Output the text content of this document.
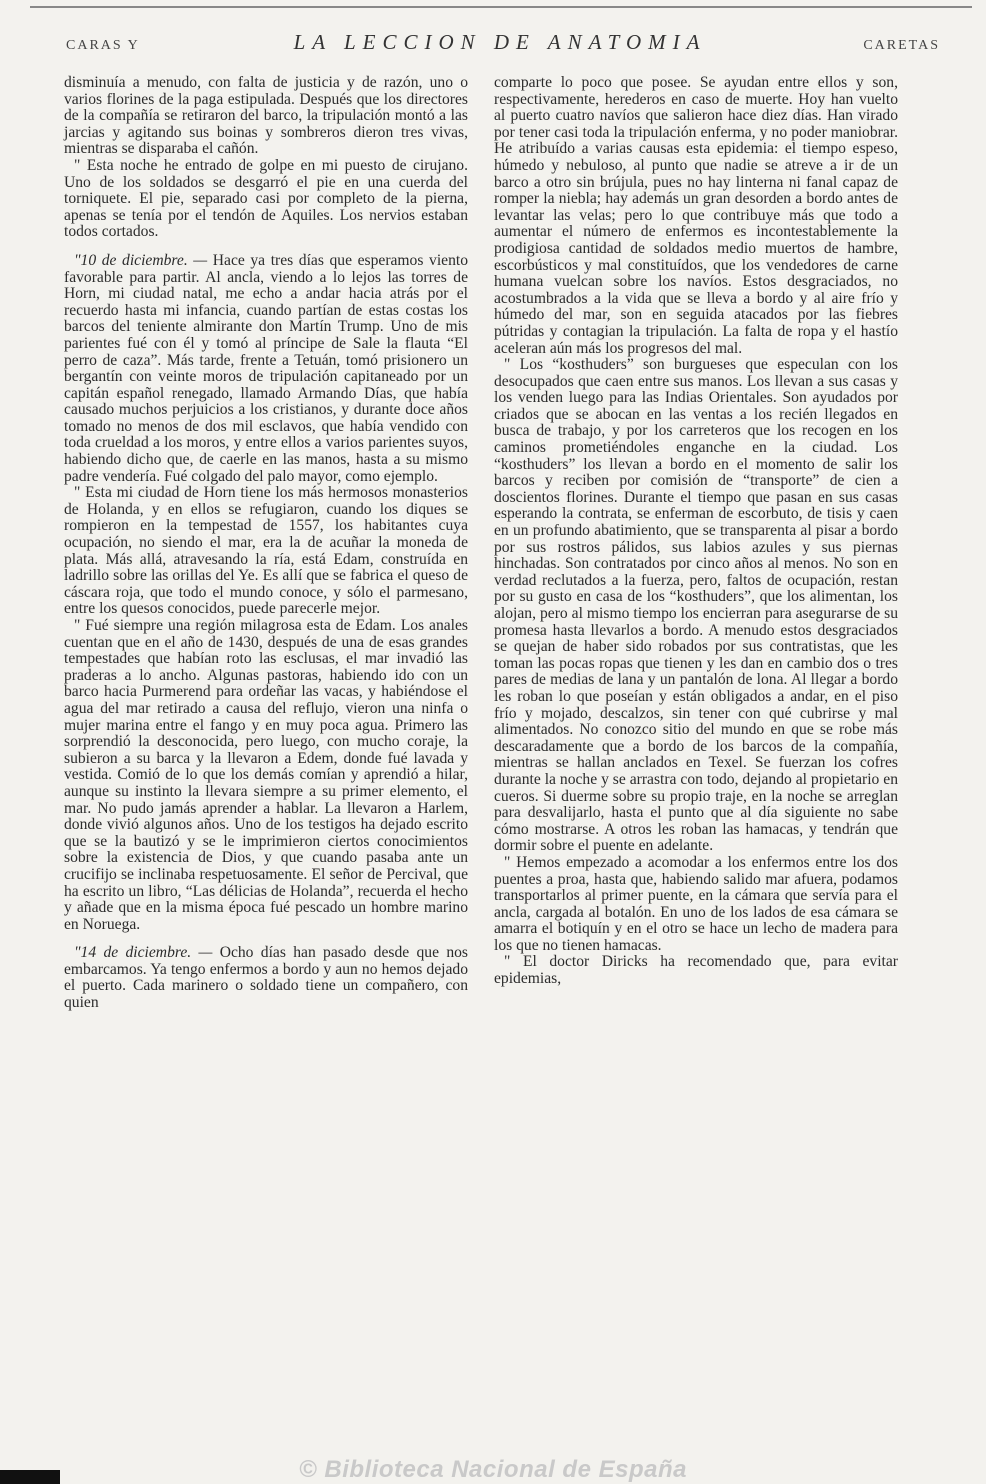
CARAS Y	LA LECCION DE ANATOMIA	CARETAS

disminuía a menudo, con falta de justicia y de razón, uno o varios florines de la paga estipulada. Después que los directores de la compañía se retiraron del barco, la tripulación montó a las jarcias y agitando sus boinas y sombreros dieron tres vivas, mientras se disparaba el cañón.

" Esta noche he entrado de golpe en mi puesto de cirujano. Uno de los soldados se desgarró el pie en una cuerda del torniquete. El pie, separado casi por completo de la pierna, apenas se tenía por el tendón de Aquiles. Los nervios estaban todos cortados.

"10 de diciembre. — Hace ya tres días que esperamos viento favorable para partir. Al ancla, viendo a lo lejos las torres de Horn, mi ciudad natal, me echo a andar hacia atrás por el recuerdo hasta mi infancia, cuando partían de estas costas los barcos del teniente almirante don Martín Trump. Uno de mis parientes fué con él y tomó al príncipe de Sale la flauta “El perro de caza”. Más tarde, frente a Tetuán, tomó prisionero un bergantín con veinte moros de tripulación capitaneado por un capitán español renegado, llamado Armando Días, que había causado muchos perjuicios a los cristianos, y durante doce años tomado no menos de dos mil esclavos, que había vendido con toda crueldad a los moros, y entre ellos a varios parientes suyos, habiendo dicho que, de caerle en las manos, hasta a su mismo padre vendería. Fué colgado del palo mayor, como ejemplo.

" Esta mi ciudad de Horn tiene los más hermosos monasterios de Holanda, y en ellos se refugiaron, cuando los diques se rompieron en la tempestad de 1557, los habitantes cuya ocupación, no siendo el mar, era la de acuñar la moneda de plata. Más allá, atravesando la ría, está Edam, construída en ladrillo sobre las orillas del Ye. Es allí que se fabrica el queso de cáscara roja, que todo el mundo conoce, y sólo el parmesano, entre los quesos conocidos, puede parecerle mejor.

" Fué siempre una región milagrosa esta de Edam. Los anales cuentan que en el año de 1430, después de una de esas grandes tempestades que habían roto las esclusas, el mar invadió las praderas a lo ancho. Algunas pastoras, habiendo ido con un barco hacia Purmerend para ordeñar las vacas, y habiéndose el agua del mar retirado a causa del reflujo, vieron una ninfa o mujer marina entre el fango y en muy poca agua. Primero las sorprendió la desconocida, pero luego, con mucho coraje, la subieron a su barca y la llevaron a Edem, donde fué lavada y vestida. Comió de lo que los demás comían y aprendió a hilar, aunque su instinto la llevara siempre a su primer elemento, el mar. No pudo jamás aprender a hablar. La llevaron a Harlem, donde vivió algunos años. Uno de los testigos ha dejado escrito que se la bautizó y se le imprimieron ciertos conocimientos sobre la existencia de Dios, y que cuando pasaba ante un crucifijo se inclinaba respetuosamente. El señor de Percival, que ha escrito un libro, “Las délicias de Holanda”, recuerda el hecho y añade que en la misma época fué pescado un hombre marino en Noruega.

"14 de diciembre. — Ocho días han pasado desde que nos embarcamos. Ya tengo enfermos a bordo y aun no hemos dejado el puerto. Cada marinero o soldado tiene un compañero, con quien

comparte lo poco que posee. Se ayudan entre ellos y son, respectivamente, herederos en caso de muerte. Hoy han vuelto al puerto cuatro navíos que salieron hace diez días. Han virado por tener casi toda la tripulación enferma, y no poder maniobrar. He atribuído a varias causas esta epidemia: el tiempo espeso, húmedo y nebuloso, al punto que nadie se atreve a ir de un barco a otro sin brújula, pues no hay linterna ni fanal capaz de romper la niebla; hay además un gran desorden a bordo antes de levantar las velas; pero lo que contribuye más que todo a aumentar el número de enfermos es incontestablemente la prodigiosa cantidad de soldados medio muertos de hambre, escorbústicos y mal constituídos, que los vendedores de carne humana vuelcan sobre los navíos. Estos desgraciados, no acostumbrados a la vida que se lleva a bordo y al aire frío y húmedo del mar, son en seguida atacados por las fiebres pútridas y contagian la tripulación. La falta de ropa y el hastío aceleran aún más los progresos del mal.

" Los “kosthuders” son burgueses que especulan con los desocupados que caen entre sus manos. Los llevan a sus casas y los venden luego para las Indias Orientales. Son ayudados por criados que se abocan en las ventas a los recién llegados en busca de trabajo, y por los carreteros que los recogen en los caminos prometiéndoles enganche en la ciudad. Los “kosthuders” los llevan a bordo en el momento de salir los barcos y reciben por comisión de “transporte” de cien a doscientos florines. Durante el tiempo que pasan en sus casas esperando la contrata, se enferman de escorbuto, de tisis y caen en un profundo abatimiento, que se transparenta al pisar a bordo por sus rostros pálidos, sus labios azules y sus piernas hinchadas. Son contratados por cinco años al menos. No son en verdad reclutados a la fuerza, pero, faltos de ocupación, restan por su gusto en casa de los “kosthuders”, que los alimentan, los alojan, pero al mismo tiempo los encierran para asegurarse de su promesa hasta llevarlos a bordo. A menudo estos desgraciados se quejan de haber sido robados por sus contratistas, que les toman las pocas ropas que tienen y les dan en cambio dos o tres pares de medias de lana y un pantalón de lona. Al llegar a bordo les roban lo que poseían y están obligados a andar, en el piso frío y mojado, descalzos, sin tener con qué cubrirse y mal alimentados. No conozco sitio del mundo en que se robe más descaradamente que a bordo de los barcos de la compañía, mientras se hallan anclados en Texel. Se fuerzan los cofres durante la noche y se arrastra con todo, dejando al propietario en cueros. Si duerme sobre su propio traje, en la noche se arreglan para desvalijarlo, hasta el punto que al día siguiente no sabe cómo mostrarse. A otros les roban las hamacas, y tendrán que dormir sobre el puente en adelante.

" Hemos empezado a acomodar a los enfermos entre los dos puentes a proa, hasta que, habiendo salido mar afuera, podamos transportarlos al primer puente, en la cámara que servía para el ancla, cargada al botalón. En uno de los lados de esa cámara se amarra el botiquín y en el otro se hace un lecho de madera para los que no tienen hamacas.

" El doctor Diricks ha recomendado que, para evitar epidemias,

© Biblioteca Nacional de España
